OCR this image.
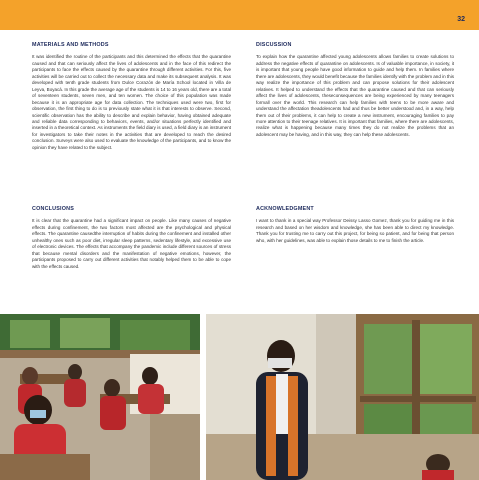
32
MATERIALS AND METHODS

It was identified the routine of the participants and this determined the effects that the quarantine caused and that can seriously affect the lives of adolescents and in the face of this redirect the participants to face the effects caused by the quarantine through different activities. For this, five activities will be carried out to collect the necessary data and make its subsequent analysis. It was developed with tenth grade students from Dulce Corazón de María School located in Villa de Leyva, Boyacá. In this grade the average age of the students is 14 to 16 years old, there are a total of seventeen students, seven men, and ten women. The choice of this population was made because it is an appropriate age for data collection. The techniques used were two, first for observation, the first thing to do is to previously state what it is that interests to observe. Second, scientific observation has the ability to describe and explain behavior, having obtained adequate and reliable data corresponding to behaviors, events, and/or situations perfectly identified and inserted in a theoretical context. As instruments the field diary is used, a field diary is an instrument for investigators to take their notes in the activities that are developed to reach the desired conclusion. Surveys were also used to evaluate the knowledge of the participants, and to know the opinion they have related to the subject.

CONCLUSIONS

It is clear that the quarantine had a significant impact on people. Like many causes of negative effects during confinement, the two factors most affected are the psychological and physical effects. The quarantine causedthe interruption of habits during the confinement and installed other unhealthy ones such as poor diet, irregular sleep patterns, sedentary lifestyle, and excessive use of electronic devices. The effects that accompany the pandemic include different sources of stress that because mental disorders and the manifestation of negative emotions, however, the participants proposed to carry out different activities that notably helped them to be able to cope with the effects caused.

DISCUSSION

To explain how the quarantine affected young adolescents allows families to create solutions to address the negative effects of quarantine on adolescents. Is of valuable importance, in society, it is important that young people have good information to guide and help them. In families where there are adolescents, they would benefit because the families identify with the problem and in this way realize the importance of this problem and can propose solutions for their adolescent relatives. It helped to understand the effects that the quarantine caused and that can seriously affect the lives of adolescents, theseconsequences are being experienced by many teenagers formall over the world. This research can help families with teens to be more aware and understand the affectation theadolescents had and thus be better understood and, in a way, help them out of their problems, it can help to create a new instrument, encouraging families to pay more attention to their teenage relatives. It is important that families, where there are adolescents, realize what is happening because many times they do not realize the problems that an adolescent may be having, and in this way, they can help these adolescents.

ACKNOWLEDGMENT

I want to thank in a special way Professor Deissy Lasso Gomez, thank you for guiding me in this research and based on her wisdom and knowledge, she has been able to direct my knowledge. Thank you for trusting me to carry out this project, for being so patient, and for being that person who, with her guidelines, was able to explain those details to me to finish the article.
